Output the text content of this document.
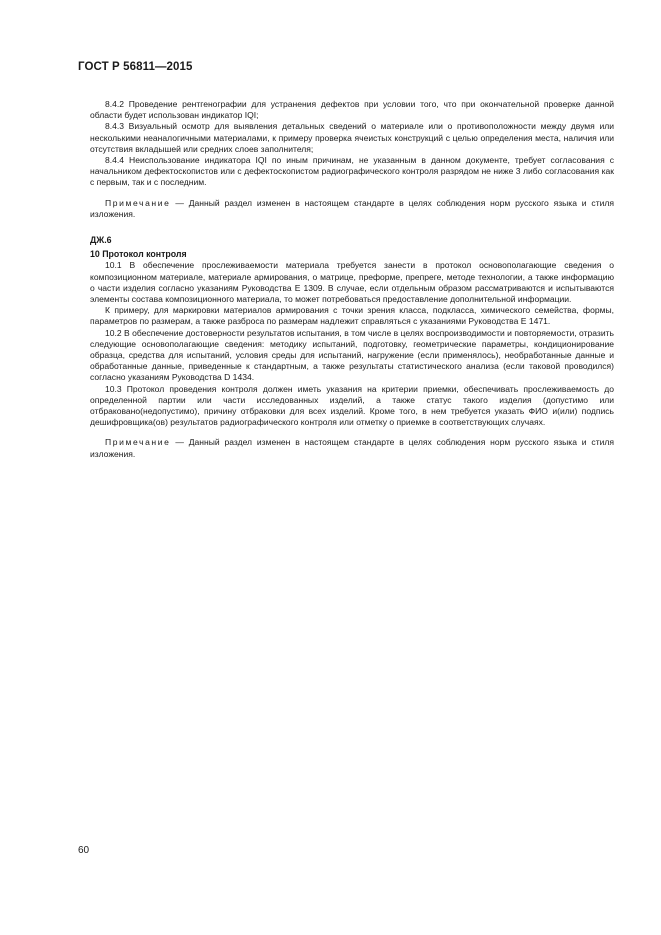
ГОСТ Р 56811—2015

8.4.2 Проведение рентгенографии для устранения дефектов при условии того, что при окончательной проверке данной области будет использован индикатор IQI;

8.4.3 Визуальный осмотр для выявления детальных сведений о материале или о противоположности между двумя или несколькими неаналогичными материалами, к примеру проверка ячеистых конструкций с целью определения места, наличия или отсутствия вкладышей или средних слоев заполнителя;

8.4.4 Неиспользование индикатора IQI по иным причинам, не указанным в данном документе, требует согласования с начальником дефектоскопистов или с дефектоскопистом радиографического контроля разрядом не ниже 3 либо согласования как с первым, так и с последним.

Примечание — Данный раздел изменен в настоящем стандарте в целях соблюдения норм русского языка и стиля изложения.

ДЖ.6

10 Протокол контроля

10.1 В обеспечение прослеживаемости материала требуется занести в протокол основополагающие сведения о композиционном материале, материале армирования, о матрице, преформе, препреге, методе технологии, а также информацию о части изделия согласно указаниям Руководства E 1309. В случае, если отдельным образом рассматриваются и испытываются элементы состава композиционного материала, то может потребоваться предоставление дополнительной информации.

К примеру, для маркировки материалов армирования с точки зрения класса, подкласса, химического семейства, формы, параметров по размерам, а также разброса по размерам надлежит справляться с указаниями Руководства E 1471.

10.2 В обеспечение достоверности результатов испытания, в том числе в целях воспроизводимости и повторяемости, отразить следующие основополагающие сведения: методику испытаний, подготовку, геометрические параметры, кондиционирование образца, средства для испытаний, условия среды для испытаний, нагружение (если применялось), необработанные данные и обработанные данные, приведенные к стандартным, а также результаты статистического анализа (если таковой проводился) согласно указаниям Руководства D 1434.

10.3 Протокол проведения контроля должен иметь указания на критерии приемки, обеспечивать прослеживаемость до определенной партии или части исследованных изделий, а также статус такого изделия (допустимо или отбраковано(недопустимо), причину отбраковки для всех изделий. Кроме того, в нем требуется указать ФИО и(или) подпись дешифровщика(ов) результатов радиографического контроля или отметку о приемке в соответствующих случаях.

Примечание — Данный раздел изменен в настоящем стандарте в целях соблюдения норм русского языка и стиля изложения.

60
